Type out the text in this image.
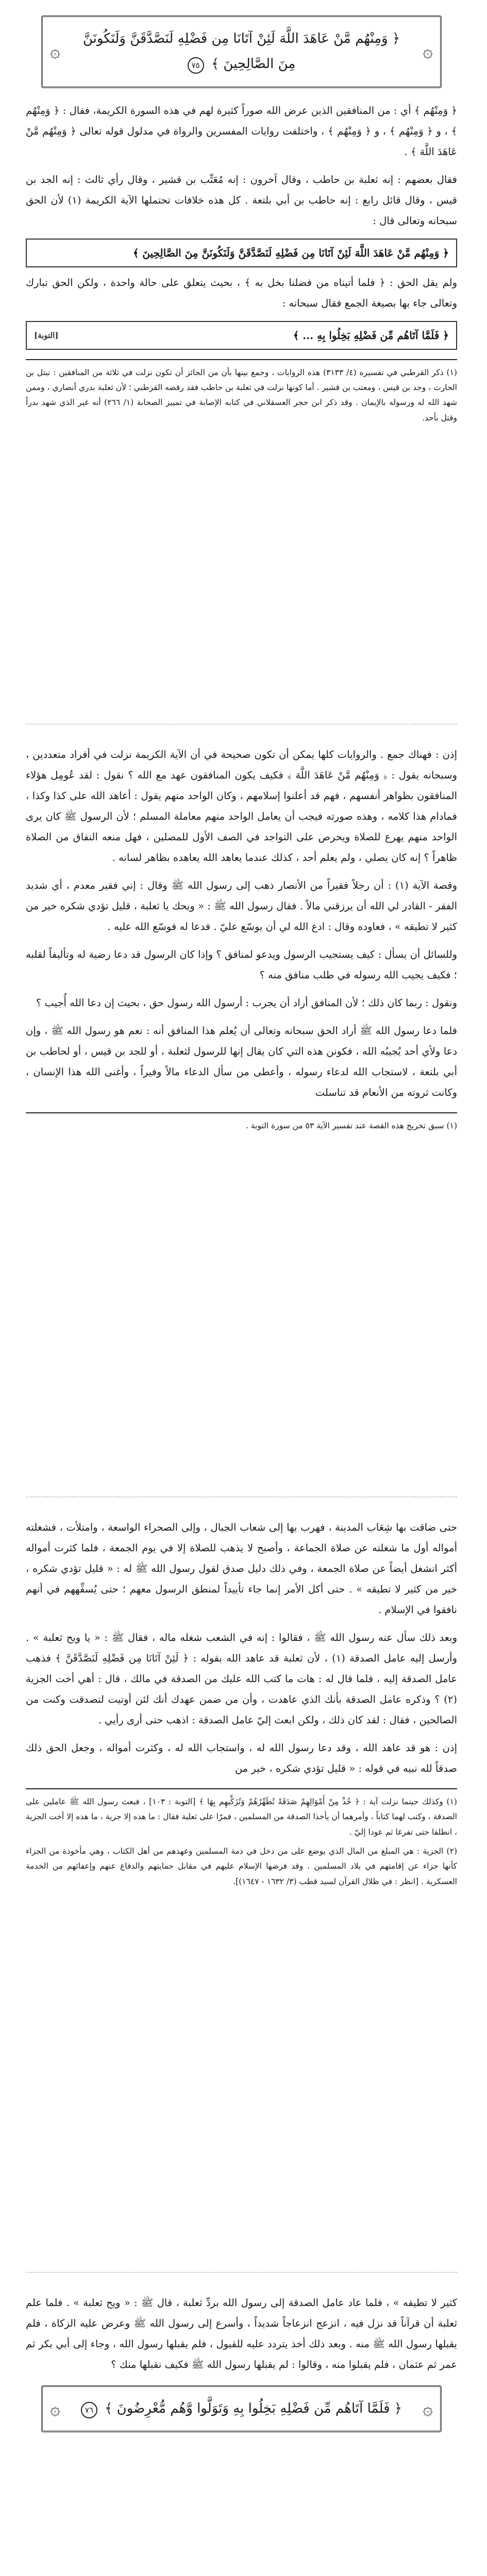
۞
۞
﴿ وَمِنْهُم مَّنْ عَاهَدَ اللَّهَ لَئِنْ آتَانَا مِن فَضْلِهِ لَنَصَّدَّقَنَّ وَلَنَكُونَنَّ مِنَ الصَّالِحِينَ ﴾ ٧٥

﴿ وَمِنْهُم ﴾ أي : من المنافقين الذين عرض الله صوراً كثيرة لهم في هذه السورة الكريمة، فقال : ﴿ وَمِنْهُم ﴾ ، و ﴿ وَمِنْهُم ﴾ ، و ﴿ وَمِنْهُم ﴾ ، واختلفت روايات المفسرين والرواة في مدلول قوله تعالى ﴿ وَمِنْهُم مَّنْ عَاهَدَ اللَّهَ ﴾ .

فقال بعضهم : إنه ثعلبة بن حاطب ، وقال آخرون : إنه مُعَتِّب بن قشير ، وقال رأي ثالث : إنه الجد بن قيس ، وقال قائل رابع : إنه حاطب بن أبي بلتعة . كل هذه خلافات تحتملها الآية الكريمة (١) لأن الحق سبحانه وتعالى قال :

﴿ وَمِنْهُم مَّنْ عَاهَدَ اللَّهَ لَئِنْ آتَانَا مِن فَضْلِهِ لَنَصَّدَّقَنَّ وَلَنَكُونَنَّ مِنَ الصَّالِحِينَ ﴾

ولم يقل الحق : ﴿ فلما أتيناه من فضلنا بخل به ﴾ ، بحيث يتعلق على حالة واحدة ، ولكن الحق تبارك وتعالى جاء بها بصيغة الجمع فقال سبحانه :

﴿ فَلَمَّا آتَاهُم مِّن فَضْلِهِ بَخِلُوا بِهِ ... ﴾
[التوبة]

(١) ذكر القرطبي في تفسيره (٤/ ٣١٣٣) هذه الروايات ، وجمع بينها بأن من الجائز أن تكون نزلت في ثلاثة من المنافقين : نبتل بن الحارث ، وجد بن قيس ، ومعتب بن قشير . أما كونها نزلت في ثعلبة بن حاطب فقد رفضه القرطبي ؛ لأن ثعلبة بدري أنصاري ، وممن شهد الله له ورسوله بالإيمان . وقد ذكر ابن حجر العسقلاني في كتابه الإصابة في تمييز الصحابة (١/ ٢٦٦) أنه غير الذي شهد بدراً وقتل بأحد.

إذن : فهناك جمع . والروايات كلها يمكن أن تكون صحيحة في أن الآية الكريمة نزلت في أفراد متعددين ، وسبحانه يقول : ﴿ وَمِنْهُم مَّنْ عَاهَدَ اللَّهَ ﴾ فكيف يكون المنافقون عهد مع الله ؟ نقول : لقد عُومِل هؤلاء المنافقون بظواهر أنفسهم ، فهم قد أعلنوا إسلامهم ، وكان الواحد منهم يقول : أعاهد الله على كذا وكذا ، فمادام هذا كلامه ، وهذه صورته فيجب أن يعامل الواحد منهم معاملة المسلم ؛ لأن الرسول ﷺ كان يرى الواحد منهم يهرع للصلاة ويحرص على التواجد في الصف الأول للمصلين ، فهل منعه النفاق من الصلاة ظاهراً ؟ إنه كان يصلي ، ولم يعلم أحد ، كذلك عندما يعاهد الله يعاهده بظاهر لسانه .

وقصة الآية (١) : أن رجلاً فقيراً من الأنصار ذهب إلى رسول الله ﷺ وقال : إني فقير معدم ، أي شديد الفقر - القادر لي الله أن يرزقني مالاً . فقال رسول الله ﷺ : « ويحك يا ثعلبة ، قليل تؤدي شكره خير من كثير لا تطيقه » ، فعاوده وقال : ادع الله لي أن يوسّع عليّ . فدعا له فوسّع الله عليه .

وللسائل أن يسأل : كيف يستجيب الرسول ويدعو لمنافق ؟ وإذا كان الرسول قد دعا رضية له وتأليفاً لقلبه ؛ فكيف يجيب الله رسوله في طلب منافق منه ؟

ونقول : ربما كان ذلك ؛ لأن المنافق أراد أن يجرب : أرسول الله رسول حق ، بحيث إن دعا الله أُجيب ؟

فلما دعا رسول الله ﷺ أراد الحق سبحانه وتعالى أن يُعلم هذا المنافق أنه : نعم هو رسول الله ﷺ ، وإن دعا ولأي أحد يُجيبُه الله ، فكونن هذه التي كان يقال إنها للرسول لثعلبة ، أو للجد بن قيس ، أو لحاطب بن أبي بلتعة ، لاستجاب الله لدعاء رسوله ، وأعطى من سأل الدعاء مالاً وفيراً ، وأغنى الله هذا الإنسان ، وكانت ثروته من الأنعام قد تناسلت

(١) سبق تخريج هذه القصة عند تفسير الآية ٥٣ من سورة التوبة .

حتى ضاقت بها شِعَاب المدينة ، فهرب بها إلى شعاب الجبال ، وإلى الصحراء الواسعة ، وامتلأت ، فشغلته أمواله أول ما شغلته عن صلاة الجماعة ، وأصبح لا يذهب للصلاة إلا في يوم الجمعة ، فلما كثرت أمواله أكثر انشغل أيضاً عن صلاة الجمعة ، وفي ذلك دليل صدق لقول رسول الله ﷺ له : « قليل تؤدي شكره ، خير من كثير لا تطيقه » . حتى أكل الأمر إنما جاء تأييداً لمنطق الرسول معهم ؛ حتى يُسفِّههم في أنهم نافقوا في الإسلام .

وبعد ذلك سأل عنه رسول الله ﷺ ، فقالوا : إنه في الشعب شغله ماله ، فقال ﷺ : « يا ويح ثعلبة » . وأرسل إليه عامل الصدقة (١) ، لأن ثعلبة قد عاهد الله بقوله : ﴿ لَئِنْ آتَانَا مِن فَضْلِهِ لَنَصَّدَّقَنَّ ﴾ فذهب عامل الصدقة إليه ، فلما قال له : هات ما كتب الله عليك من الصدقة في مالك ، قال : أهي أخت الجزية (٢) ؟ وذكره عامل الصدقة بأنك الذي عاهدت ، وأن من ضمن عهدك أنك لئن أوتيت لتصدقت وكنت من الصالحين ، فقال : لقد كان ذلك ، ولكن ابعث إليّ عامل الصدقة : اذهب حتى أرى رأيي .

إذن : هو قد عاهد الله ، وقد دعا رسول الله له ، واستجاب الله له ، وكثرت أمواله ، وجعل الحق ذلك صدقاً لله نبيه في قوله : « قليل تؤدي شكره ، خير من

(١) وكذلك حينما نزلت آية : ﴿ خُذْ مِنْ أَمْوَالِهِمْ صَدَقَةً تُطَهِّرُهُمْ وَتُزَكِّيهِم بِهَا ﴾ [التوبة : ١٠٣] ، فبعث رسول الله ﷺ عاملين على الصدقة ، وكتب لهما كتاباً ، وأمرهما أن يأخذا الصدقة من المسلمين ، فمرّا على ثعلبة فقال : ما هذه إلا جزية ، ما هذه إلا أخت الجزية ، انطلقا حتى تفرغا ثم عودا إليّ .

(٢) الجزية : هي المبلغ من المال الذي يوضع على من دخل في ذمة المسلمين وعهدهم من أهل الكتاب ، وهي مأخوذة من الجزاء كأنها جزاء عن إقامتهم في بلاد المسلمين . وقد فرضها الإسلام عليهم في مقابل حمايتهم والدفاع عنهم وإعفائهم من الخدمة العسكرية . [انظر : في ظلال القرآن لسيد قطب (٣/ ١٦٣٢ - ١٦٤٧)].

كثير لا تطيقه » ، فلما عاد عامل الصدقة إلى رسول الله بردِّ ثعلبة ، قال ﷺ : « ويح ثعلبة » . فلما علم ثعلبة أن قرآناً قد نزل فيه ، انزعج انزعاجاً شديداً ، وأسرع إلى رسول الله ﷺ وعرض عليه الزكاة ، فلم يقبلها رسول الله ﷺ منه . وبعد ذلك أخذ يتردد عليه للقبول ، فلم يقبلها رسول الله ، وجاء إلى أبي بكر ثم عمر ثم عثمان ، فلم يقبلوا منه ، وقالوا : لم يقبلها رسول الله ﷺ فكيف نقبلها منك ؟

۞
۞	﴿ فَلَمَّا آتَاهُم مِّن فَضْلِهِ بَخِلُوا بِهِ وَتَوَلَّوا وَّهُم مُّعْرِضُونَ ﴾ ٧٦
